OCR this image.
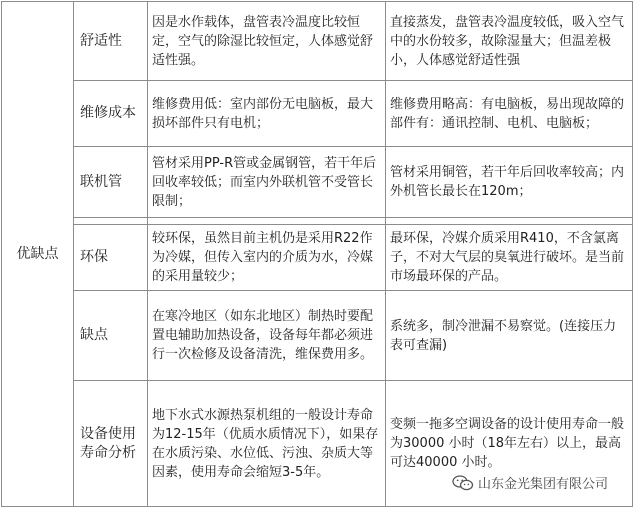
优缺点	舒适性	因是水作载体，盘管表冷温度比较恒定，空气的除湿比较恒定，人体感觉舒适性强。	直接蒸发，盘管表冷温度较低，吸入空气中的水份较多，故除湿量大；但温差极小，人体感觉舒适性强
	维修成本	维修费用低：室内部份无电脑板，最大损坏部件只有电机；	维修费用略高：有电脑板，易出现故障的部件有：通讯控制、电机、电脑板；
	联机管	管材采用PP-R管或金属钢管，若干年后回收率较低；而室内外联机管不受管长限制；	管材采用铜管，若干年后回收率较高；内外机管长最长在120m；

	环保	较环保，虽然目前主机仍是采用R22作为冷媒，但传入室内的介质为水，冷媒的采用量较少；	最环保，冷媒介质采用R410，不含氯离子，不对大气层的臭氧进行破坏。是当前市场最环保的产品。
	缺点	在寒冷地区（如东北地区）制热时要配置电辅助加热设备，设备每年都必须进行一次检修及设备清洗，维保费用多。	系统多，制冷泄漏不易察觉。(连接压力表可查漏)
	设备使用寿命分析	地下水式水源热泵机组的一般设计寿命为12-15年（优质水质情况下），如果存在水质污染、水位低、污浊、杂质大等因素，使用寿命会缩短3-5年。	变频一拖多空调设备的设计使用寿命一般为30000 小时（18年左右）以上，最高可达40000 小时。
山东金光集团有限公司
